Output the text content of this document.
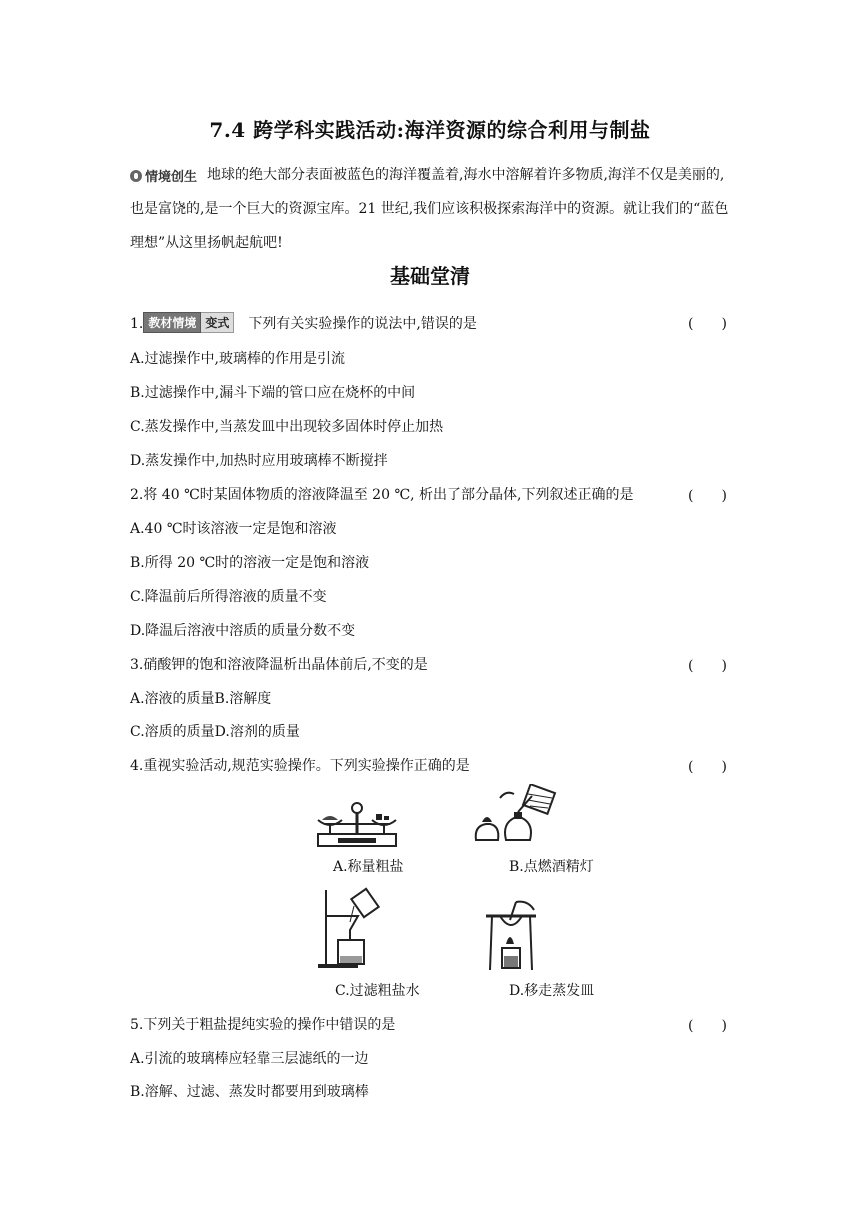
7.4 跨学科实践活动:海洋资源的综合利用与制盐
情境创生 地球的绝大部分表面被蓝色的海洋覆盖着,海水中溶解着许多物质,海洋不仅是美丽的,也是富饶的,是一个巨大的资源宝库。21 世纪,我们应该积极探索海洋中的资源。就让我们的“蓝色理想”从这里扬帆起航吧!
基础堂清
1. 教材情境 变式　 下列有关实验操作的说法中,错误的是	(　　)
A.过滤操作中,玻璃棒的作用是引流
B.过滤操作中,漏斗下端的管口应在烧杯的中间
C.蒸发操作中,当蒸发皿中出现较多固体时停止加热
D.蒸发操作中,加热时应用玻璃棒不断搅拌
2.将 40 ℃时某固体物质的溶液降温至 20 ℃, 析出了部分晶体,下列叙述正确的是	(　　)
A.40 ℃时该溶液一定是饱和溶液
B.所得 20 ℃时的溶液一定是饱和溶液
C.降温前后所得溶液的质量不变
D.降温后溶液中溶质的质量分数不变
3.硝酸钾的饱和溶液降温析出晶体前后,不变的是	(　　)
A.溶液的质量B.溶解度
C.溶质的质量D.溶剂的质量
4.重视实验活动,规范实验操作。下列实验操作正确的是	(　　)
A.称量粗盐	B.点燃酒精灯
C.过滤粗盐水	D.移走蒸发皿
5.下列关于粗盐提纯实验的操作中错误的是	(　　)
A.引流的玻璃棒应轻靠三层滤纸的一边
B.溶解、过滤、蒸发时都要用到玻璃棒
